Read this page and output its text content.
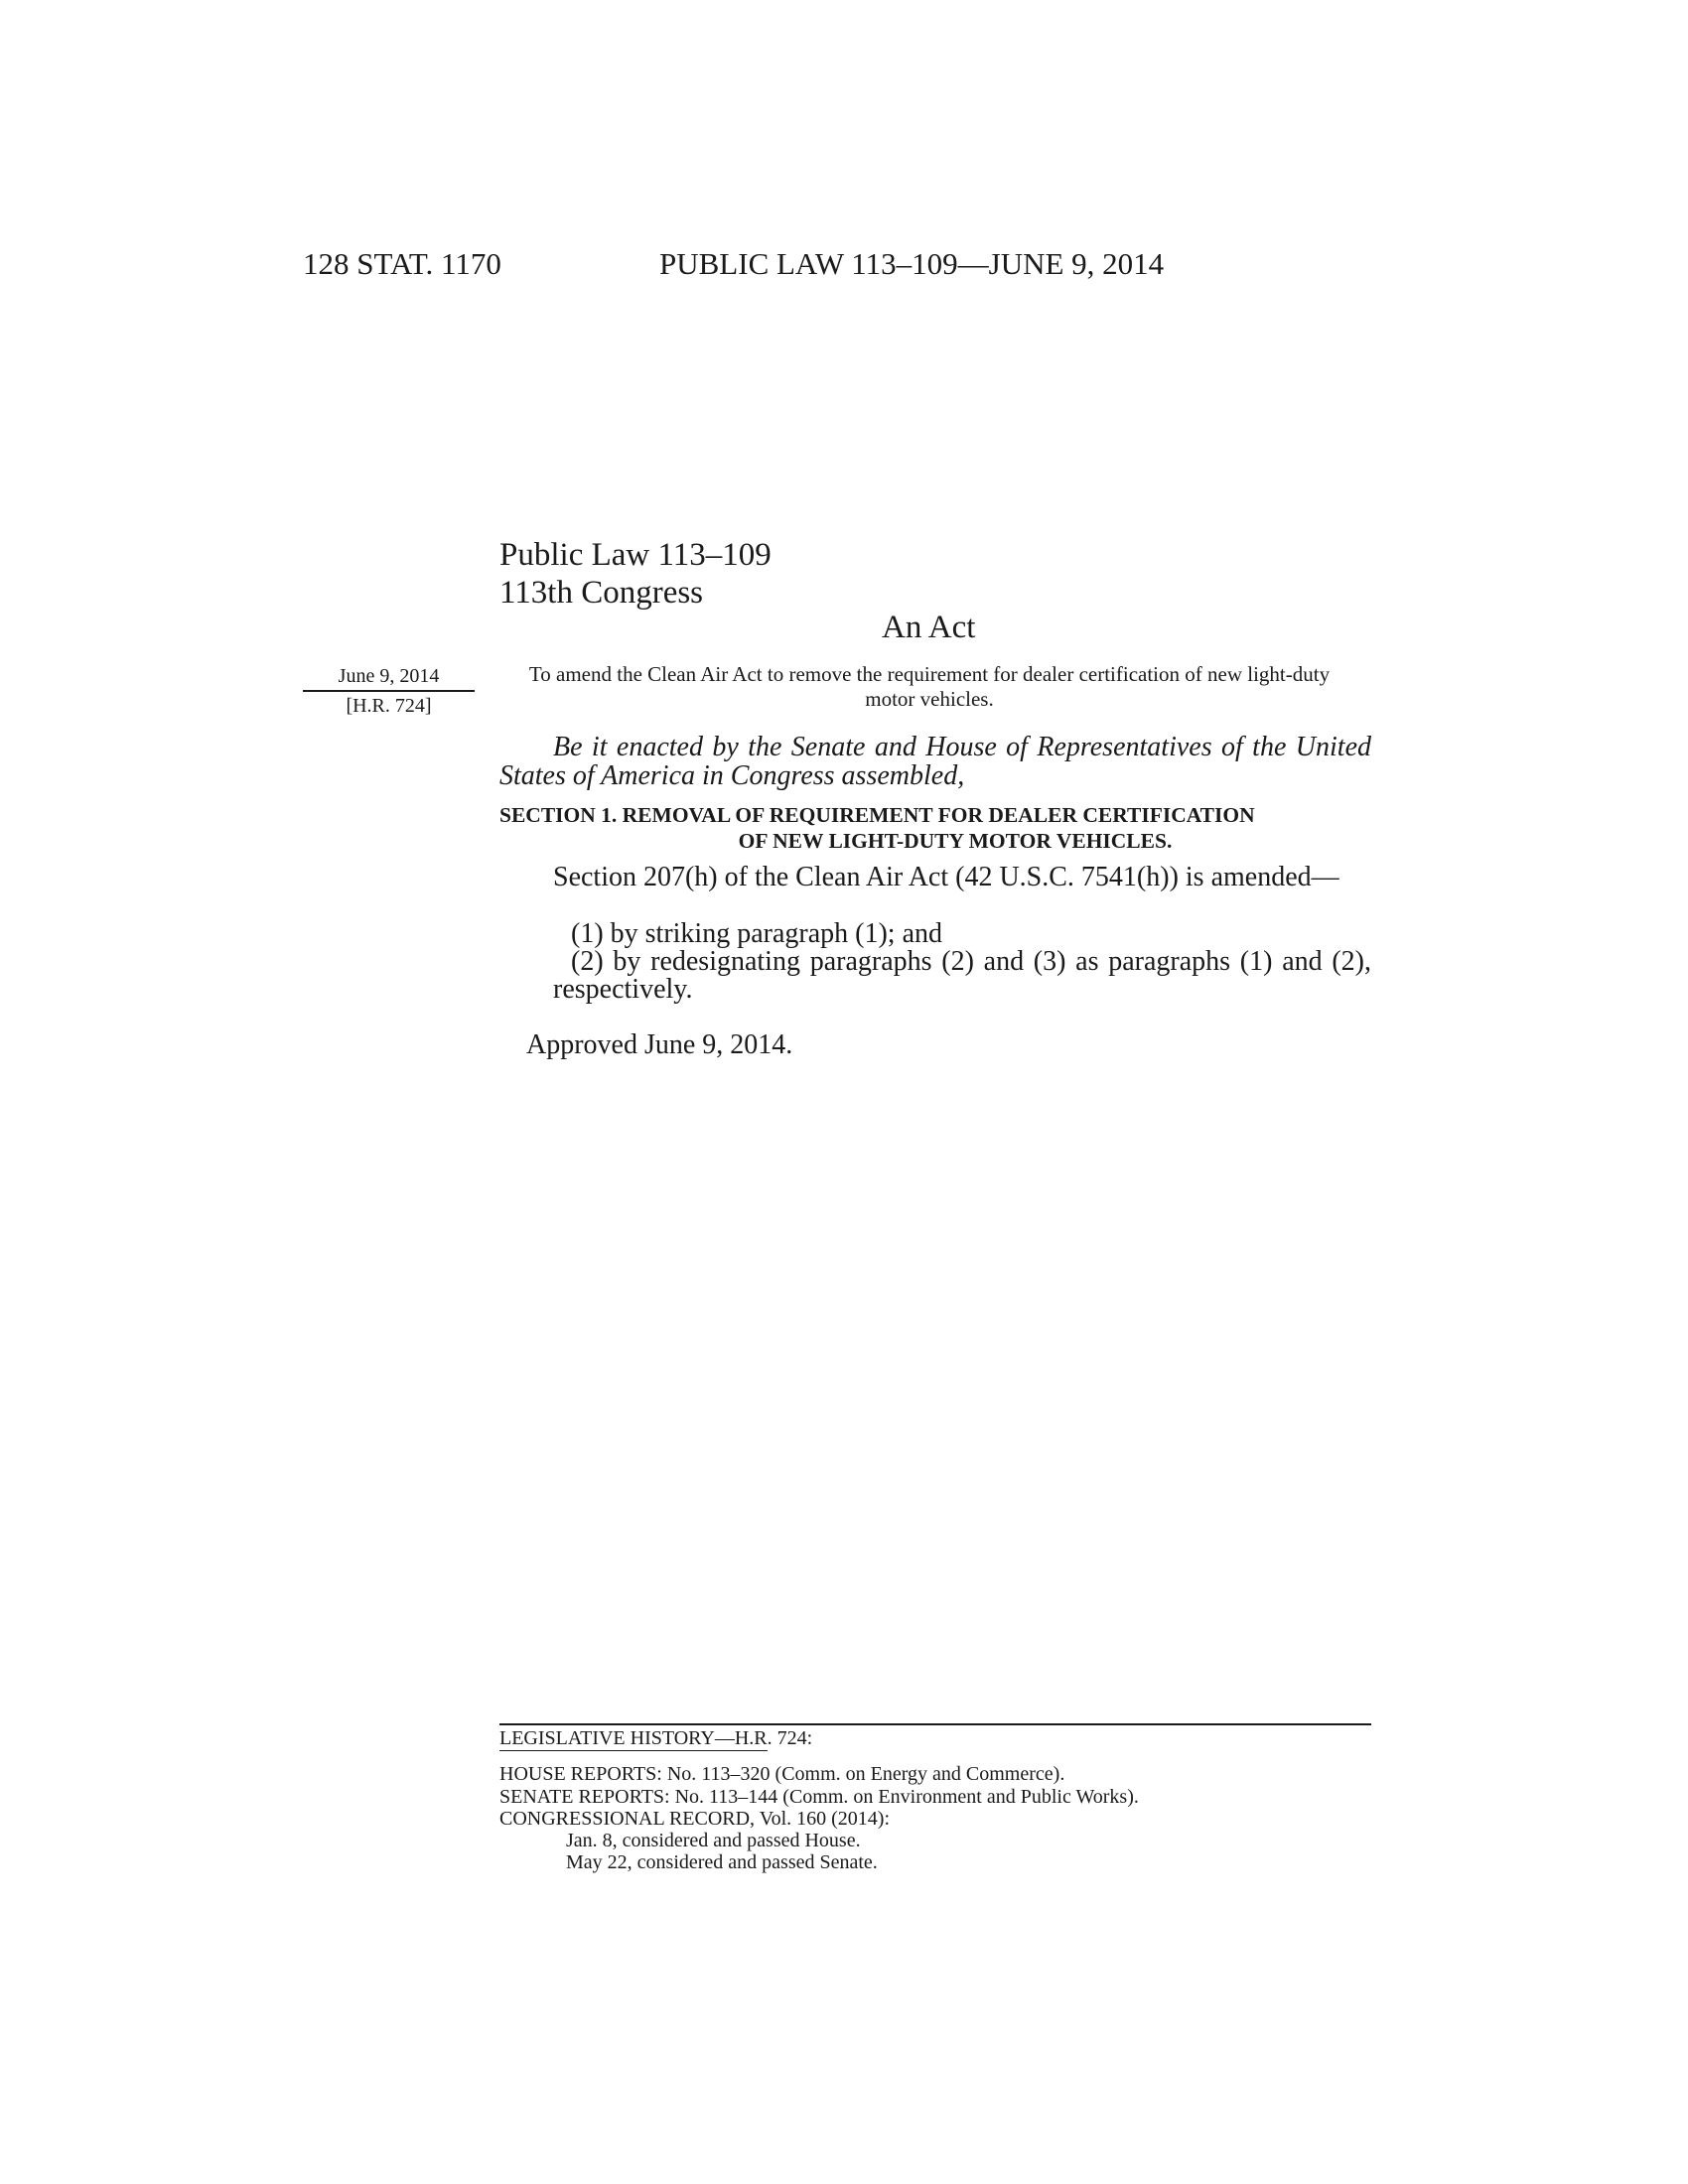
128 STAT. 1170	PUBLIC LAW 113–109—JUNE 9, 2014
Public Law 113–109
113th Congress
An Act
June 9, 2014
[H.R. 724]
To amend the Clean Air Act to remove the requirement for dealer certification of new light-duty motor vehicles.
Be it enacted by the Senate and House of Representatives of the United States of America in Congress assembled,
SECTION 1. REMOVAL OF REQUIREMENT FOR DEALER CERTIFICATION
OF NEW LIGHT-DUTY MOTOR VEHICLES.
Section 207(h) of the Clean Air Act (42 U.S.C. 7541(h)) is amended—
(1) by striking paragraph (1); and
(2) by redesignating paragraphs (2) and (3) as paragraphs (1) and (2), respectively.
Approved June 9, 2014.
LEGISLATIVE HISTORY—H.R. 724:
HOUSE REPORTS: No. 113–320 (Comm. on Energy and Commerce).
SENATE REPORTS: No. 113–144 (Comm. on Environment and Public Works).
CONGRESSIONAL RECORD, Vol. 160 (2014):
Jan. 8, considered and passed House.
May 22, considered and passed Senate.
